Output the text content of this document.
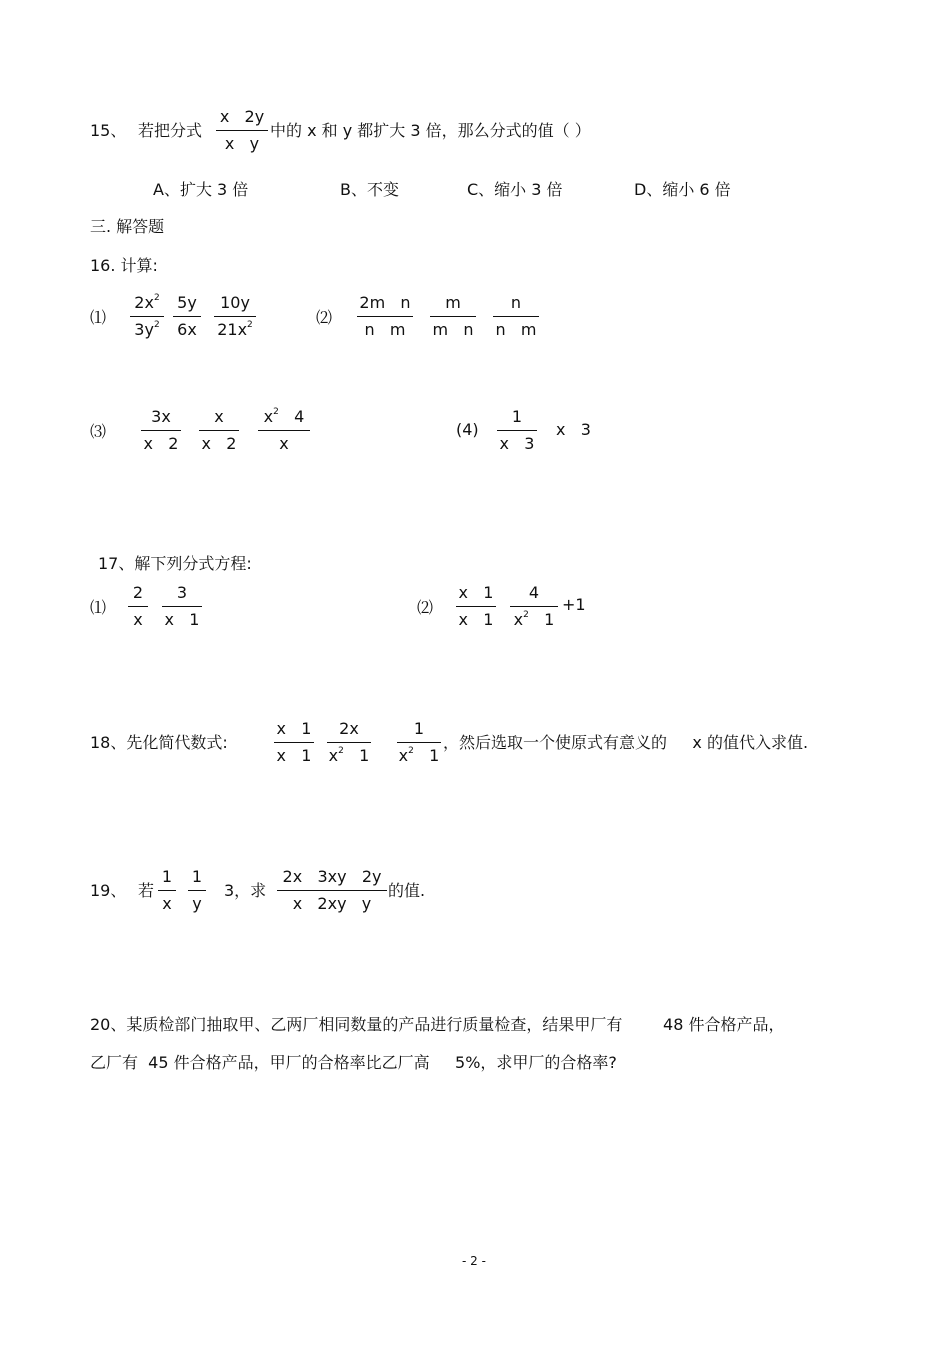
15、 若把分式
x   2y
x   y
中的 x 和 y 都扩大 3 倍，那么分式的值（ ）
A、扩大 3 倍	B、不变	C、缩小 3 倍	D、缩小 6 倍
三. 解答题
16. 计算:
⑴
$2x^2$
$3y^2$
5y
6x
10y
$21x^2$	⑵
2m   n
n   m
m
m   n
n
n   m
⑶
3x
x   2
x
x   2
$x^2$   4
x
(4)
1
x   3
x   3
17、解下列分式方程:
⑴
2
x
3
x   1
⑵
x   1
x   1
4
$x^2$   1
+1
18、先化简代数式:
x   1
x   1
2x
$x^2$   1
1
$x^2$   1
，然后选取一个使原式有意义的     x 的值代入求值.
19、 若
1
x
1
y
3，求
2x   3xy   2y
x   2xy   y
的值.
20、某质检部门抽取甲、乙两厂相同数量的产品进行质量检查，结果甲厂有        48 件合格产品，
乙厂有  45 件合格产品，甲厂的合格率比乙厂高     5%，求甲厂的合格率?
- 2 -
